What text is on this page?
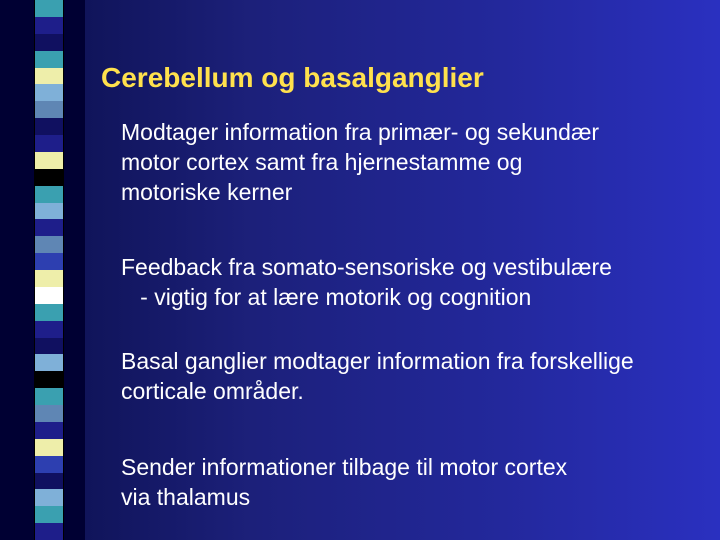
Cerebellum og basalganglier

Modtager information fra primær- og sekundær
motor cortex samt fra hjernestamme og
motoriske kerner

Feedback fra somato-sensoriske og vestibulære
- vigtig for at lære motorik og cognition

Basal ganglier modtager information fra forskellige
corticale områder.

Sender informationer tilbage til motor cortex
via thalamus
